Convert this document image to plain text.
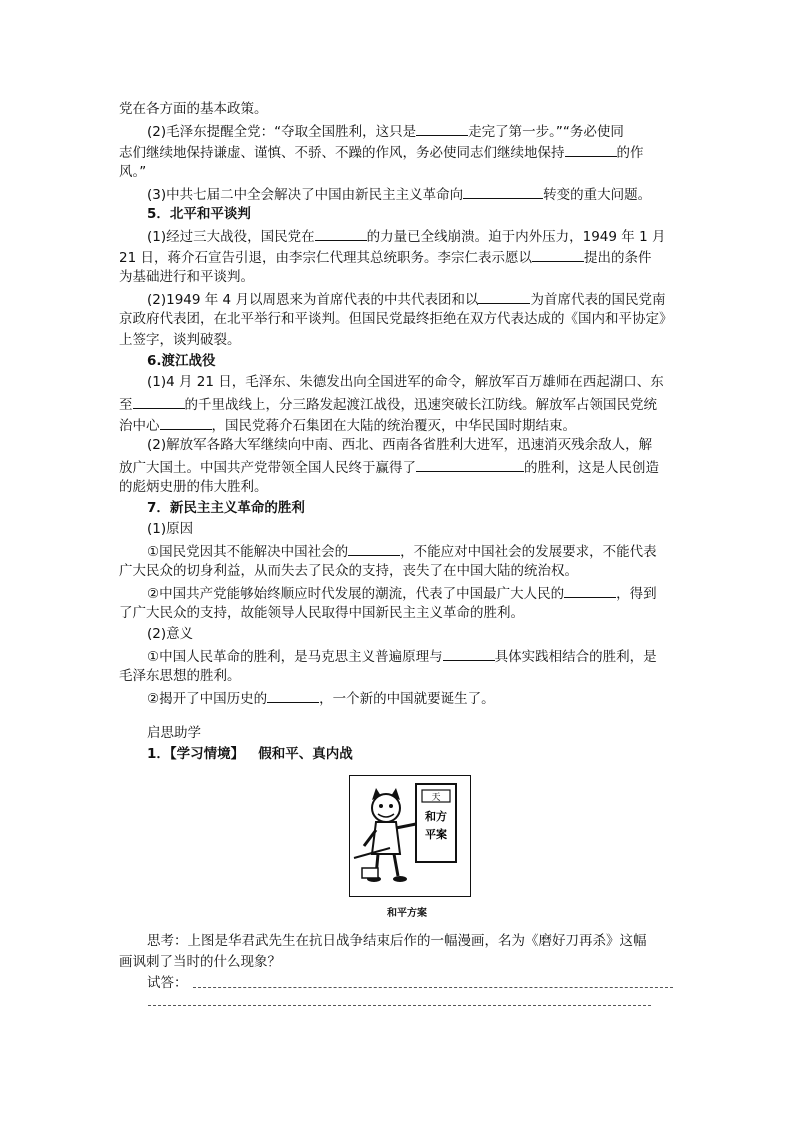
党在各方面的基本政策。
(2)毛泽东提醒全党：“夺取全国胜利，这只是	走完了第一步。”“务必使同
志们继续地保持谦虚、谨慎、不骄、不躁的作风，务必使同志们继续地保持	的作
风。”
(3)中共七届二中全会解决了中国由新民主主义革命向	转变的重大问题。
5．北平和平谈判
(1)经过三大战役，国民党在	的力量已全线崩溃。迫于内外压力，1949 年 1 月
21 日，蒋介石宣告引退，由李宗仁代理其总统职务。李宗仁表示愿以	提出的条件
为基础进行和平谈判。
(2)1949 年 4 月以周恩来为首席代表的中共代表团和以	为首席代表的国民党南
京政府代表团，在北平举行和平谈判。但国民党最终拒绝在双方代表达成的《国内和平协定》
上签字，谈判破裂。
6.渡江战役
(1)4 月 21 日，毛泽东、朱德发出向全国进军的命令，解放军百万雄师在西起湖口、东
至	的千里战线上，分三路发起渡江战役，迅速突破长江防线。解放军占领国民党统
治中心	，国民党蒋介石集团在大陆的统治覆灭，中华民国时期结束。
(2)解放军各路大军继续向中南、西北、西南各省胜利大进军，迅速消灭残余敌人，解
放广大国土。中国共产党带领全国人民终于赢得了	的胜利，这是人民创造
的彪炳史册的伟大胜利。
7．新民主主义革命的胜利
(1)原因
①国民党因其不能解决中国社会的	，不能应对中国社会的发展要求，不能代表
广大民众的切身利益，从而失去了民众的支持，丧失了在中国大陆的统治权。
②中国共产党能够始终顺应时代发展的潮流，代表了中国最广大人民的	，得到
了广大民众的支持，故能领导人民取得中国新民主主义革命的胜利。
(2)意义
①中国人民革命的胜利，是马克思主义普遍原理与	具体实践相结合的胜利，是
毛泽东思想的胜利。
②揭开了中国历史的	，一个新的中国就要诞生了。
启思助学
1．【学习情境】 假和平、真内战
天
和方
平案
和平方案
思考：上图是华君武先生在抗日战争结束后作的一幅漫画，名为《磨好刀再杀》这幅
画讽刺了当时的什么现象？
试答：
